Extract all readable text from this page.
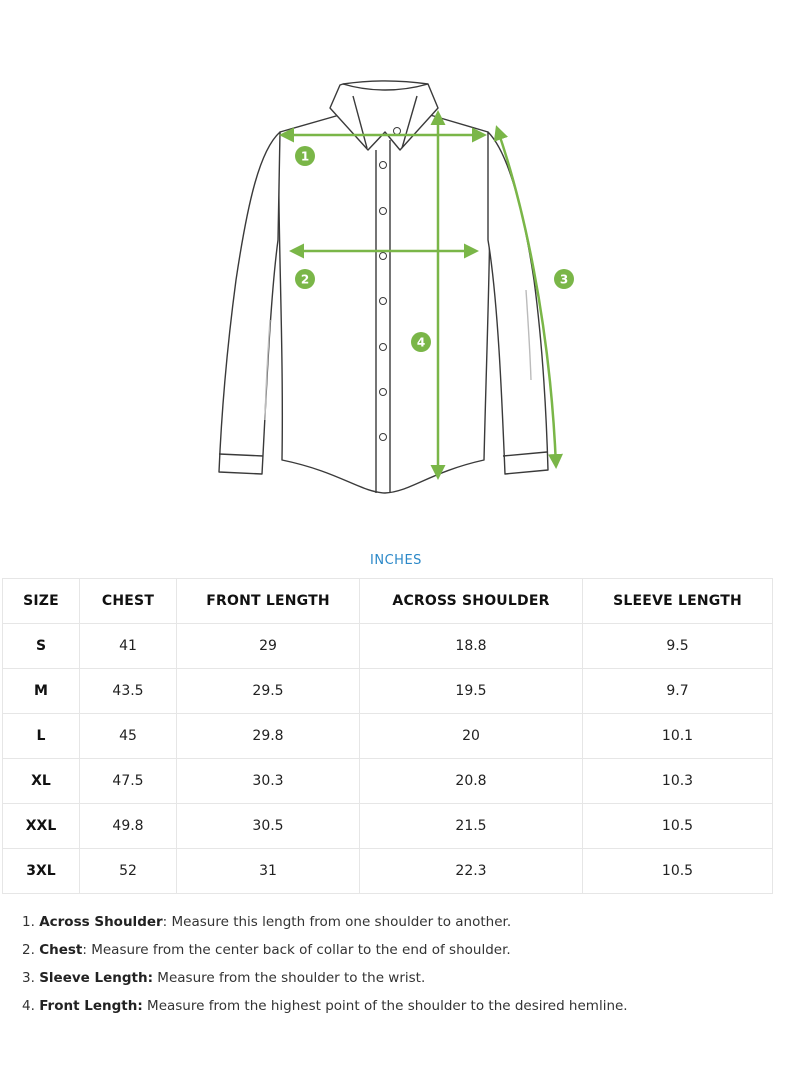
1
2	3
4
INCHES
SIZE	CHEST	FRONT LENGTH	ACROSS SHOULDER	SLEEVE LENGTH
S	41	29	18.8	9.5
M	43.5	29.5	19.5	9.7
L	45	29.8	20	10.1
XL	47.5	30.3	20.8	10.3
XXL	49.8	30.5	21.5	10.5
3XL	52	31	22.3	10.5
1. Across Shoulder: Measure this length from one shoulder to another.
2. Chest: Measure from the center back of collar to the end of shoulder.
3. Sleeve Length: Measure from the shoulder to the wrist.
4. Front Length: Measure from the highest point of the shoulder to the desired hemline.
